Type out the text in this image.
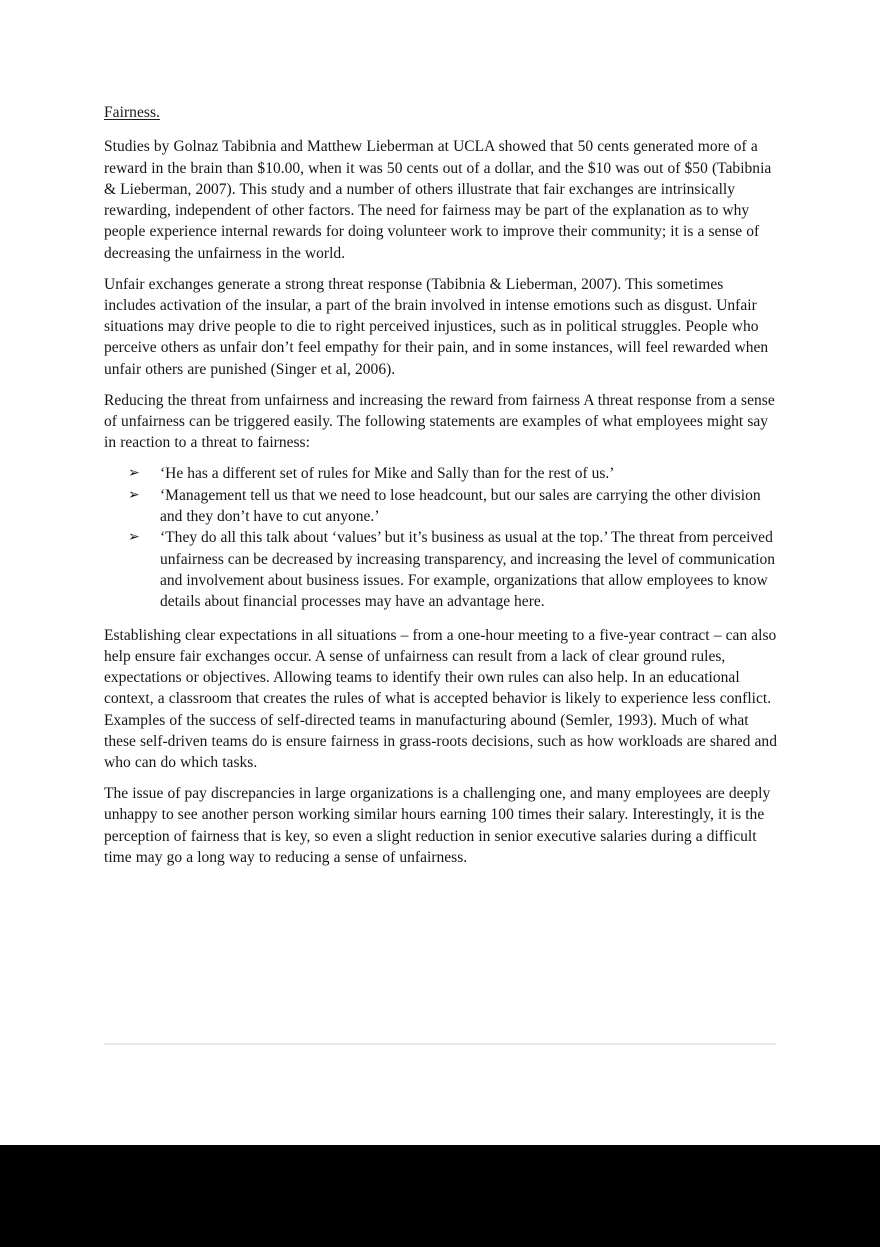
Fairness.

Studies by Golnaz Tabibnia and Matthew Lieberman at UCLA showed that 50 cents generated more of a reward in the brain than $10.00, when it was 50 cents out of a dollar, and the $10 was out of $50 (Tabibnia & Lieberman, 2007). This study and a number of others illustrate that fair exchanges are intrinsically rewarding, independent of other factors. The need for fairness may be part of the explanation as to why people experience internal rewards for doing volunteer work to improve their community; it is a sense of decreasing the unfairness in the world.

Unfair exchanges generate a strong threat response (Tabibnia & Lieberman, 2007). This sometimes includes activation of the insular, a part of the brain involved in intense emotions such as disgust. Unfair situations may drive people to die to right perceived injustices, such as in political struggles. People who perceive others as unfair don’t feel empathy for their pain, and in some instances, will feel rewarded when unfair others are punished (Singer et al, 2006).

Reducing the threat from unfairness and increasing the reward from fairness A threat response from a sense of unfairness can be triggered easily. The following statements are examples of what employees might say in reaction to a threat to fairness:

➢ ‘He has a different set of rules for Mike and Sally than for the rest of us.’
➢ ‘Management tell us that we need to lose headcount, but our sales are carrying the other division and they don’t have to cut anyone.’
➢ ‘They do all this talk about ‘values’ but it’s business as usual at the top.’ The threat from perceived unfairness can be decreased by increasing transparency, and increasing the level of communication and involvement about business issues. For example, organizations that allow employees to know details about financial processes may have an advantage here.

Establishing clear expectations in all situations – from a one-hour meeting to a five-year contract – can also help ensure fair exchanges occur. A sense of unfairness can result from a lack of clear ground rules, expectations or objectives. Allowing teams to identify their own rules can also help. In an educational context, a classroom that creates the rules of what is accepted behavior is likely to experience less conflict. Examples of the success of self-directed teams in manufacturing abound (Semler, 1993). Much of what these self-driven teams do is ensure fairness in grass-roots decisions, such as how workloads are shared and who can do which tasks.

The issue of pay discrepancies in large organizations is a challenging one, and many employees are deeply unhappy to see another person working similar hours earning 100 times their salary. Interestingly, it is the perception of fairness that is key, so even a slight reduction in senior executive salaries during a difficult time may go a long way to reducing a sense of unfairness.
